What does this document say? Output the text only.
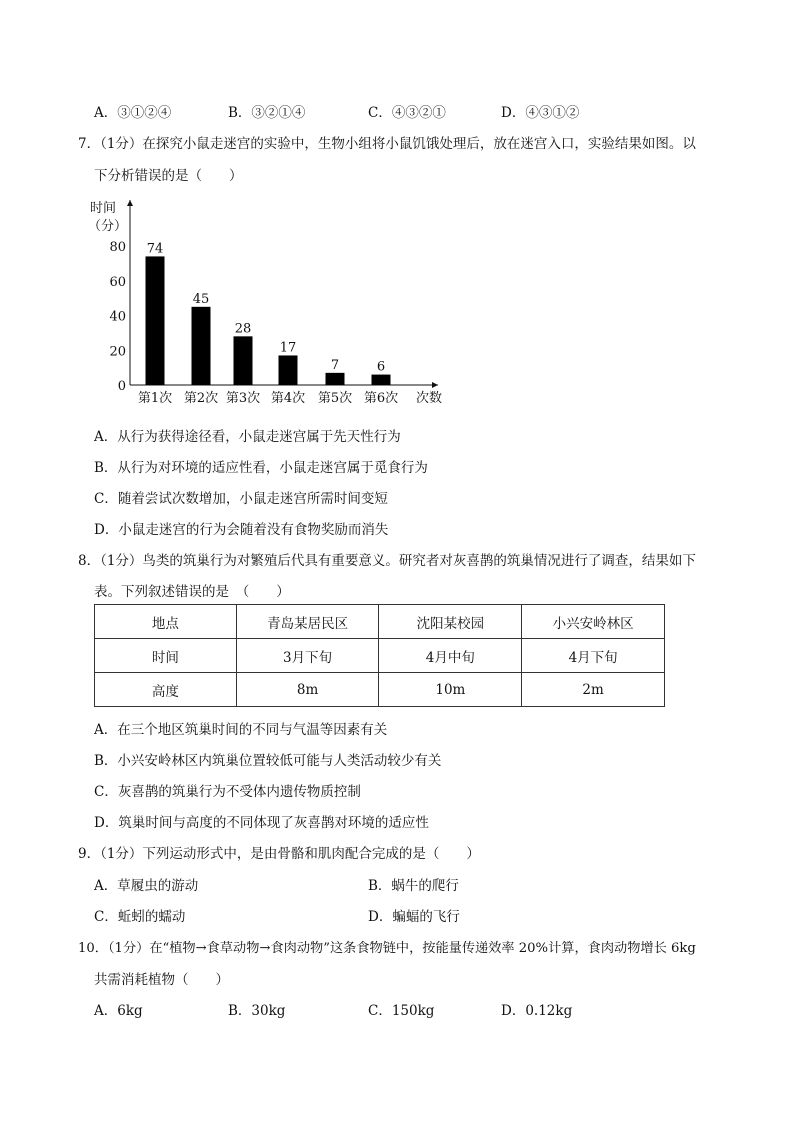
A．③①②④	B．③②①④	C．④③②①	D．④③①②
7．（1分）在探究小鼠走迷宫的实验中，生物小组将小鼠饥饿处理后，放在迷宫入口，实验结果如图。以
下分析错误的是（　　）
时间
（分）
次数
0
20
40
60
80 74
45
28
17
7	6
第1次 第2次 第3次 第4次 第5次 第6次
A．从行为获得途径看，小鼠走迷宫属于先天性行为
B．从行为对环境的适应性看，小鼠走迷宫属于觅食行为
C．随着尝试次数增加，小鼠走迷宫所需时间变短
D．小鼠走迷宫的行为会随着没有食物奖励而消失
8．（1分）鸟类的筑巢行为对繁殖后代具有重要意义。研究者对灰喜鹊的筑巢情况进行了调查，结果如下
表。下列叙述错误的是　（　　）
地点	青岛某居民区	沈阳某校园	小兴安岭林区
时间	3月下旬	4月中旬	4月下旬
高度	8m	10m	2m
A．在三个地区筑巢时间的不同与气温等因素有关
B．小兴安岭林区内筑巢位置较低可能与人类活动较少有关
C．灰喜鹊的筑巢行为不受体内遗传物质控制
D．筑巢时间与高度的不同体现了灰喜鹊对环境的适应性
9．（1分）下列运动形式中，是由骨骼和肌肉配合完成的是（　　）
A．草履虫的游动	B．蜗牛的爬行
C．蚯蚓的蠕动	D．蝙蝠的飞行
10．（1分）在“植物→食草动物→食肉动物”这条食物链中，按能量传递效率 20%计算，食肉动物增长 6kg
共需消耗植物（　　）
A．6kg	B．30kg	C．150kg	D．0.12kg
